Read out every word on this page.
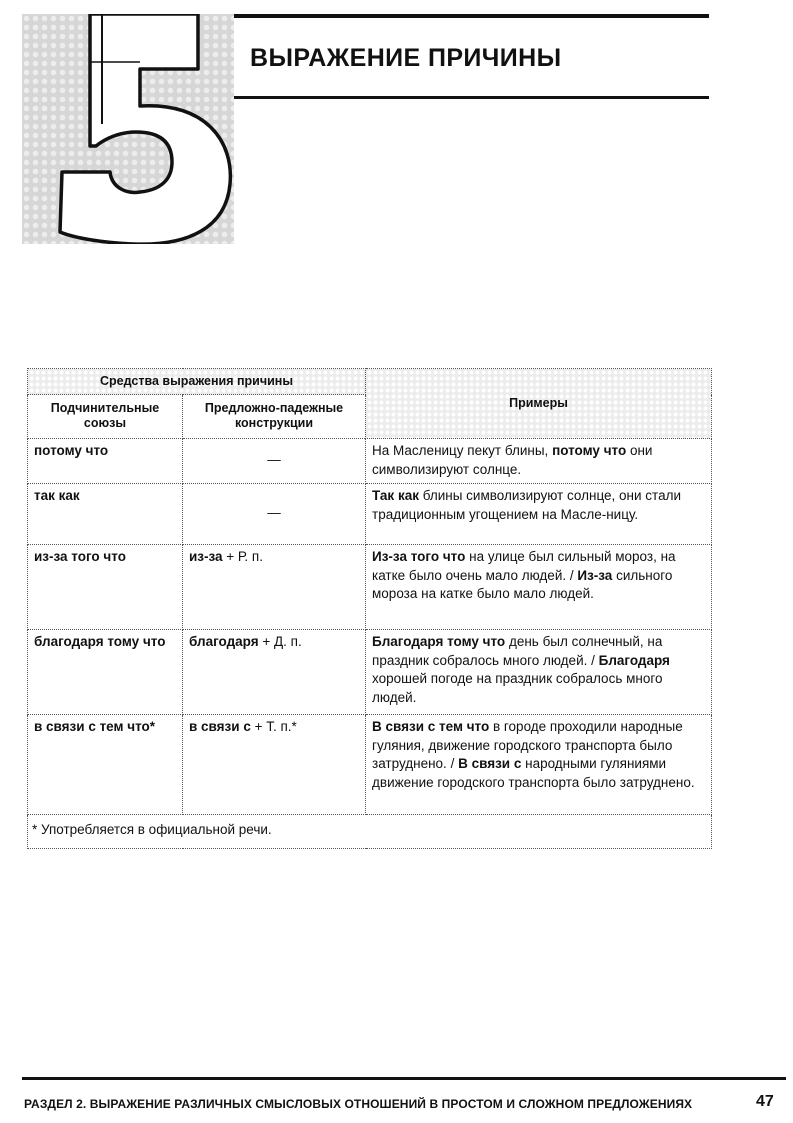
ВЫРАЖЕНИЕ ПРИЧИНЫ
Средства выражения причины		Примеры
Подчинительные союзы	Предложно-падежные конструкции	
потому что	—	На Масленицу пекут блины, потому что они символизируют солнце.
так как	—	Так как блины символизируют солнце, они стали традиционным угощением на Масле-ницу.
из-за того что	из-за + Р. п.	Из-за того что на улице был сильный мороз, на катке было очень мало людей. / Из-за сильного мороза на катке было мало людей.
благодаря тому что	благодаря + Д. п.	Благодаря тому что день был солнечный, на праздник собралось много людей. / Благодаря хорошей погоде на праздник собралось много людей.
в связи с тем что*	в связи с + Т. п.*	В связи с тем что в городе проходили народные гуляния, движение городского транспорта было затруднено. / В связи с народными гуляниями движение городского транспорта было затруднено.
* Употребляется в официальной речи.		

РАЗДЕЛ 2. ВЫРАЖЕНИЕ РАЗЛИЧНЫХ СМЫСЛОВЫХ ОТНОШЕНИЙ В ПРОСТОМ И СЛОЖНОМ ПРЕДЛОЖЕНИЯХ	47
